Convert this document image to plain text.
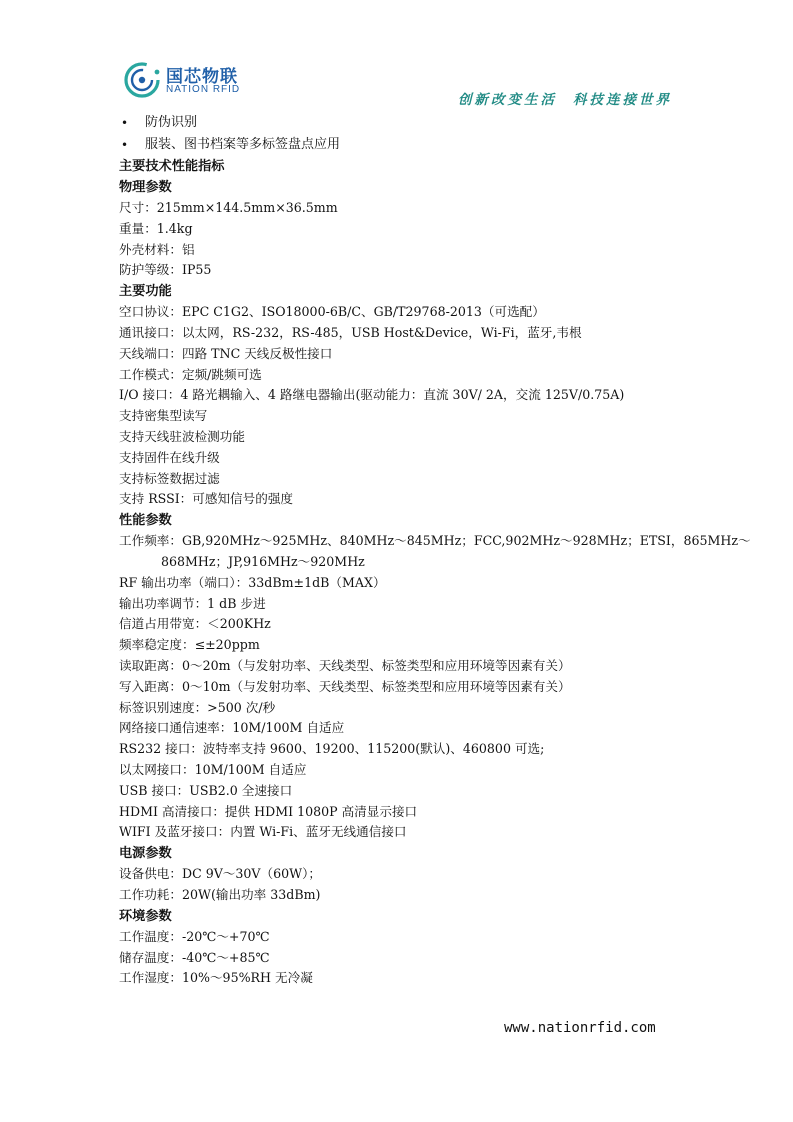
国芯物联
NATION RFID
创新改变生活 科技连接世界
• 防伪识别
• 服装、图书档案等多标签盘点应用
主要技术性能指标
物理参数
尺寸：215mm×144.5mm×36.5mm
重量：1.4kg
外壳材料：铝
防护等级：IP55
主要功能
空口协议：EPC C1G2、ISO18000-6B/C、GB/T29768-2013（可选配）
通讯接口：以太网，RS-232，RS-485，USB Host&Device，Wi-Fi，蓝牙,韦根
天线端口：四路 TNC 天线反极性接口
工作模式：定频/跳频可选
I/O 接口：4 路光耦输入、4 路继电器输出(驱动能力：直流 30V/ 2A，交流 125V/0.75A)
支持密集型读写
支持天线驻波检测功能
支持固件在线升级
支持标签数据过滤
支持 RSSI：可感知信号的强度
性能参数
工作频率：GB,920MHz～925MHz、840MHz～845MHz；FCC,902MHz～928MHz；ETSI，865MHz～
868MHz；JP,916MHz～920MHz
RF 输出功率（端口）：33dBm±1dB（MAX）
输出功率调节：1 dB 步进
信道占用带宽：＜200KHz
频率稳定度：≤±20ppm
读取距离：0～20m（与发射功率、天线类型、标签类型和应用环境等因素有关）
写入距离：0～10m（与发射功率、天线类型、标签类型和应用环境等因素有关）
标签识别速度：>500 次/秒
网络接口通信速率：10M/100M 自适应
RS232 接口：波特率支持 9600、19200、115200(默认)、460800 可选;
以太网接口：10M/100M 自适应
USB 接口：USB2.0 全速接口
HDMI 高清接口：提供 HDMI 1080P 高清显示接口
WIFI 及蓝牙接口：内置 Wi-Fi、蓝牙无线通信接口
电源参数
设备供电：DC 9V～30V（60W）；
工作功耗：20W(输出功率 33dBm)
环境参数
工作温度：-20℃～+70℃
储存温度：-40℃～+85℃
工作湿度：10%～95%RH 无冷凝
www.nationrfid.com
